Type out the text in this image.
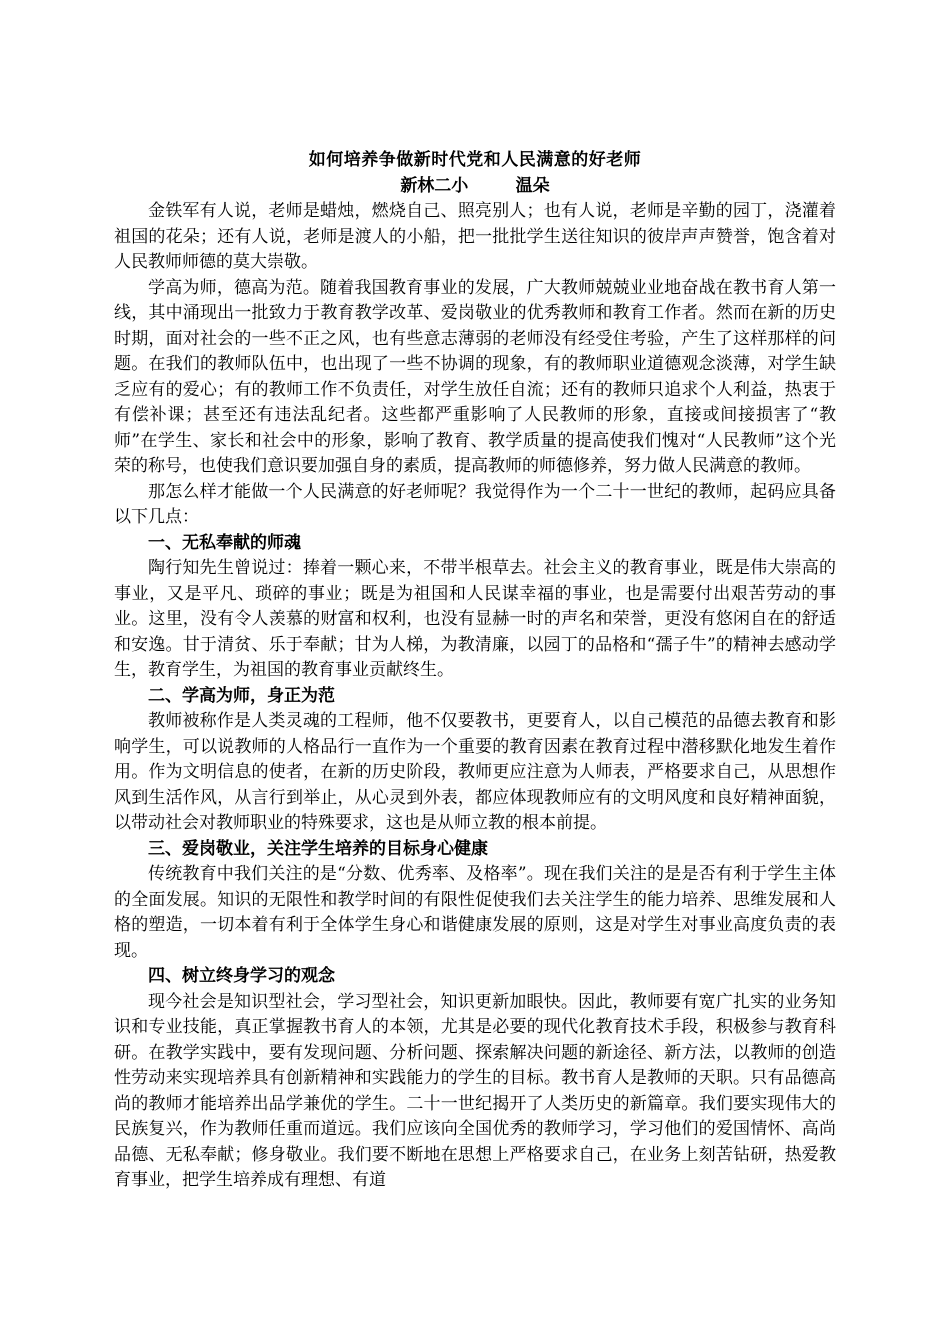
如何培养争做新时代党和人民满意的好老师

新林二小        温朵

金铁军有人说，老师是蜡烛，燃烧自己、照亮别人；也有人说，老师是辛勤的园丁，浇灌着祖国的花朵；还有人说，老师是渡人的小船，把一批批学生送往知识的彼岸声声赞誉，饱含着对人民教师师德的莫大崇敬。

学高为师，德高为范。随着我国教育事业的发展，广大教师兢兢业业地奋战在教书育人第一线，其中涌现出一批致力于教育教学改革、爱岗敬业的优秀教师和教育工作者。然而在新的历史时期，面对社会的一些不正之风，也有些意志薄弱的老师没有经受住考验，产生了这样那样的问题。在我们的教师队伍中，也出现了一些不协调的现象，有的教师职业道德观念淡薄，对学生缺乏应有的爱心；有的教师工作不负责任，对学生放任自流；还有的教师只追求个人利益，热衷于有偿补课；甚至还有违法乱纪者。这些都严重影响了人民教师的形象，直接或间接损害了“教师”在学生、家长和社会中的形象，影响了教育、教学质量的提高使我们愧对“人民教师”这个光荣的称号，也使我们意识要加强自身的素质，提高教师的师德修养，努力做人民满意的教师。

那怎么样才能做一个人民满意的好老师呢？我觉得作为一个二十一世纪的教师，起码应具备以下几点：

一、无私奉献的师魂

陶行知先生曾说过：捧着一颗心来，不带半根草去。社会主义的教育事业，既是伟大崇高的事业，又是平凡、琐碎的事业；既是为祖国和人民谋幸福的事业，也是需要付出艰苦劳动的事业。这里，没有令人羡慕的财富和权利，也没有显赫一时的声名和荣誉，更没有悠闲自在的舒适和安逸。甘于清贫、乐于奉献；甘为人梯，为教清廉，以园丁的品格和“孺子牛”的精神去感动学生，教育学生，为祖国的教育事业贡献终生。

二、学高为师，身正为范

教师被称作是人类灵魂的工程师，他不仅要教书，更要育人，以自己模范的品德去教育和影响学生，可以说教师的人格品行一直作为一个重要的教育因素在教育过程中潜移默化地发生着作用。作为文明信息的使者，在新的历史阶段，教师更应注意为人师表，严格要求自己，从思想作风到生活作风，从言行到举止，从心灵到外表，都应体现教师应有的文明风度和良好精神面貌，以带动社会对教师职业的特殊要求，这也是从师立教的根本前提。

三、爱岗敬业，关注学生培养的目标身心健康

传统教育中我们关注的是“分数、优秀率、及格率”。现在我们关注的是是否有利于学生主体的全面发展。知识的无限性和教学时间的有限性促使我们去关注学生的能力培养、思维发展和人格的塑造，一切本着有利于全体学生身心和谐健康发展的原则，这是对学生对事业高度负责的表现。

四、树立终身学习的观念

现今社会是知识型社会，学习型社会，知识更新加眼快。因此，教师要有宽广扎实的业务知识和专业技能，真正掌握教书育人的本领，尤其是必要的现代化教育技术手段，积极参与教育科研。在教学实践中，要有发现问题、分析问题、探索解决问题的新途径、新方法，以教师的创造性劳动来实现培养具有创新精神和实践能力的学生的目标。教书育人是教师的天职。只有品德高尚的教师才能培养出品学兼优的学生。二十一世纪揭开了人类历史的新篇章。我们要实现伟大的民族复兴，作为教师任重而道远。我们应该向全国优秀的教师学习，学习他们的爱国情怀、高尚品德、无私奉献；修身敬业。我们要不断地在思想上严格要求自己，在业务上刻苦钻研，热爱教育事业，把学生培养成有理想、有道
